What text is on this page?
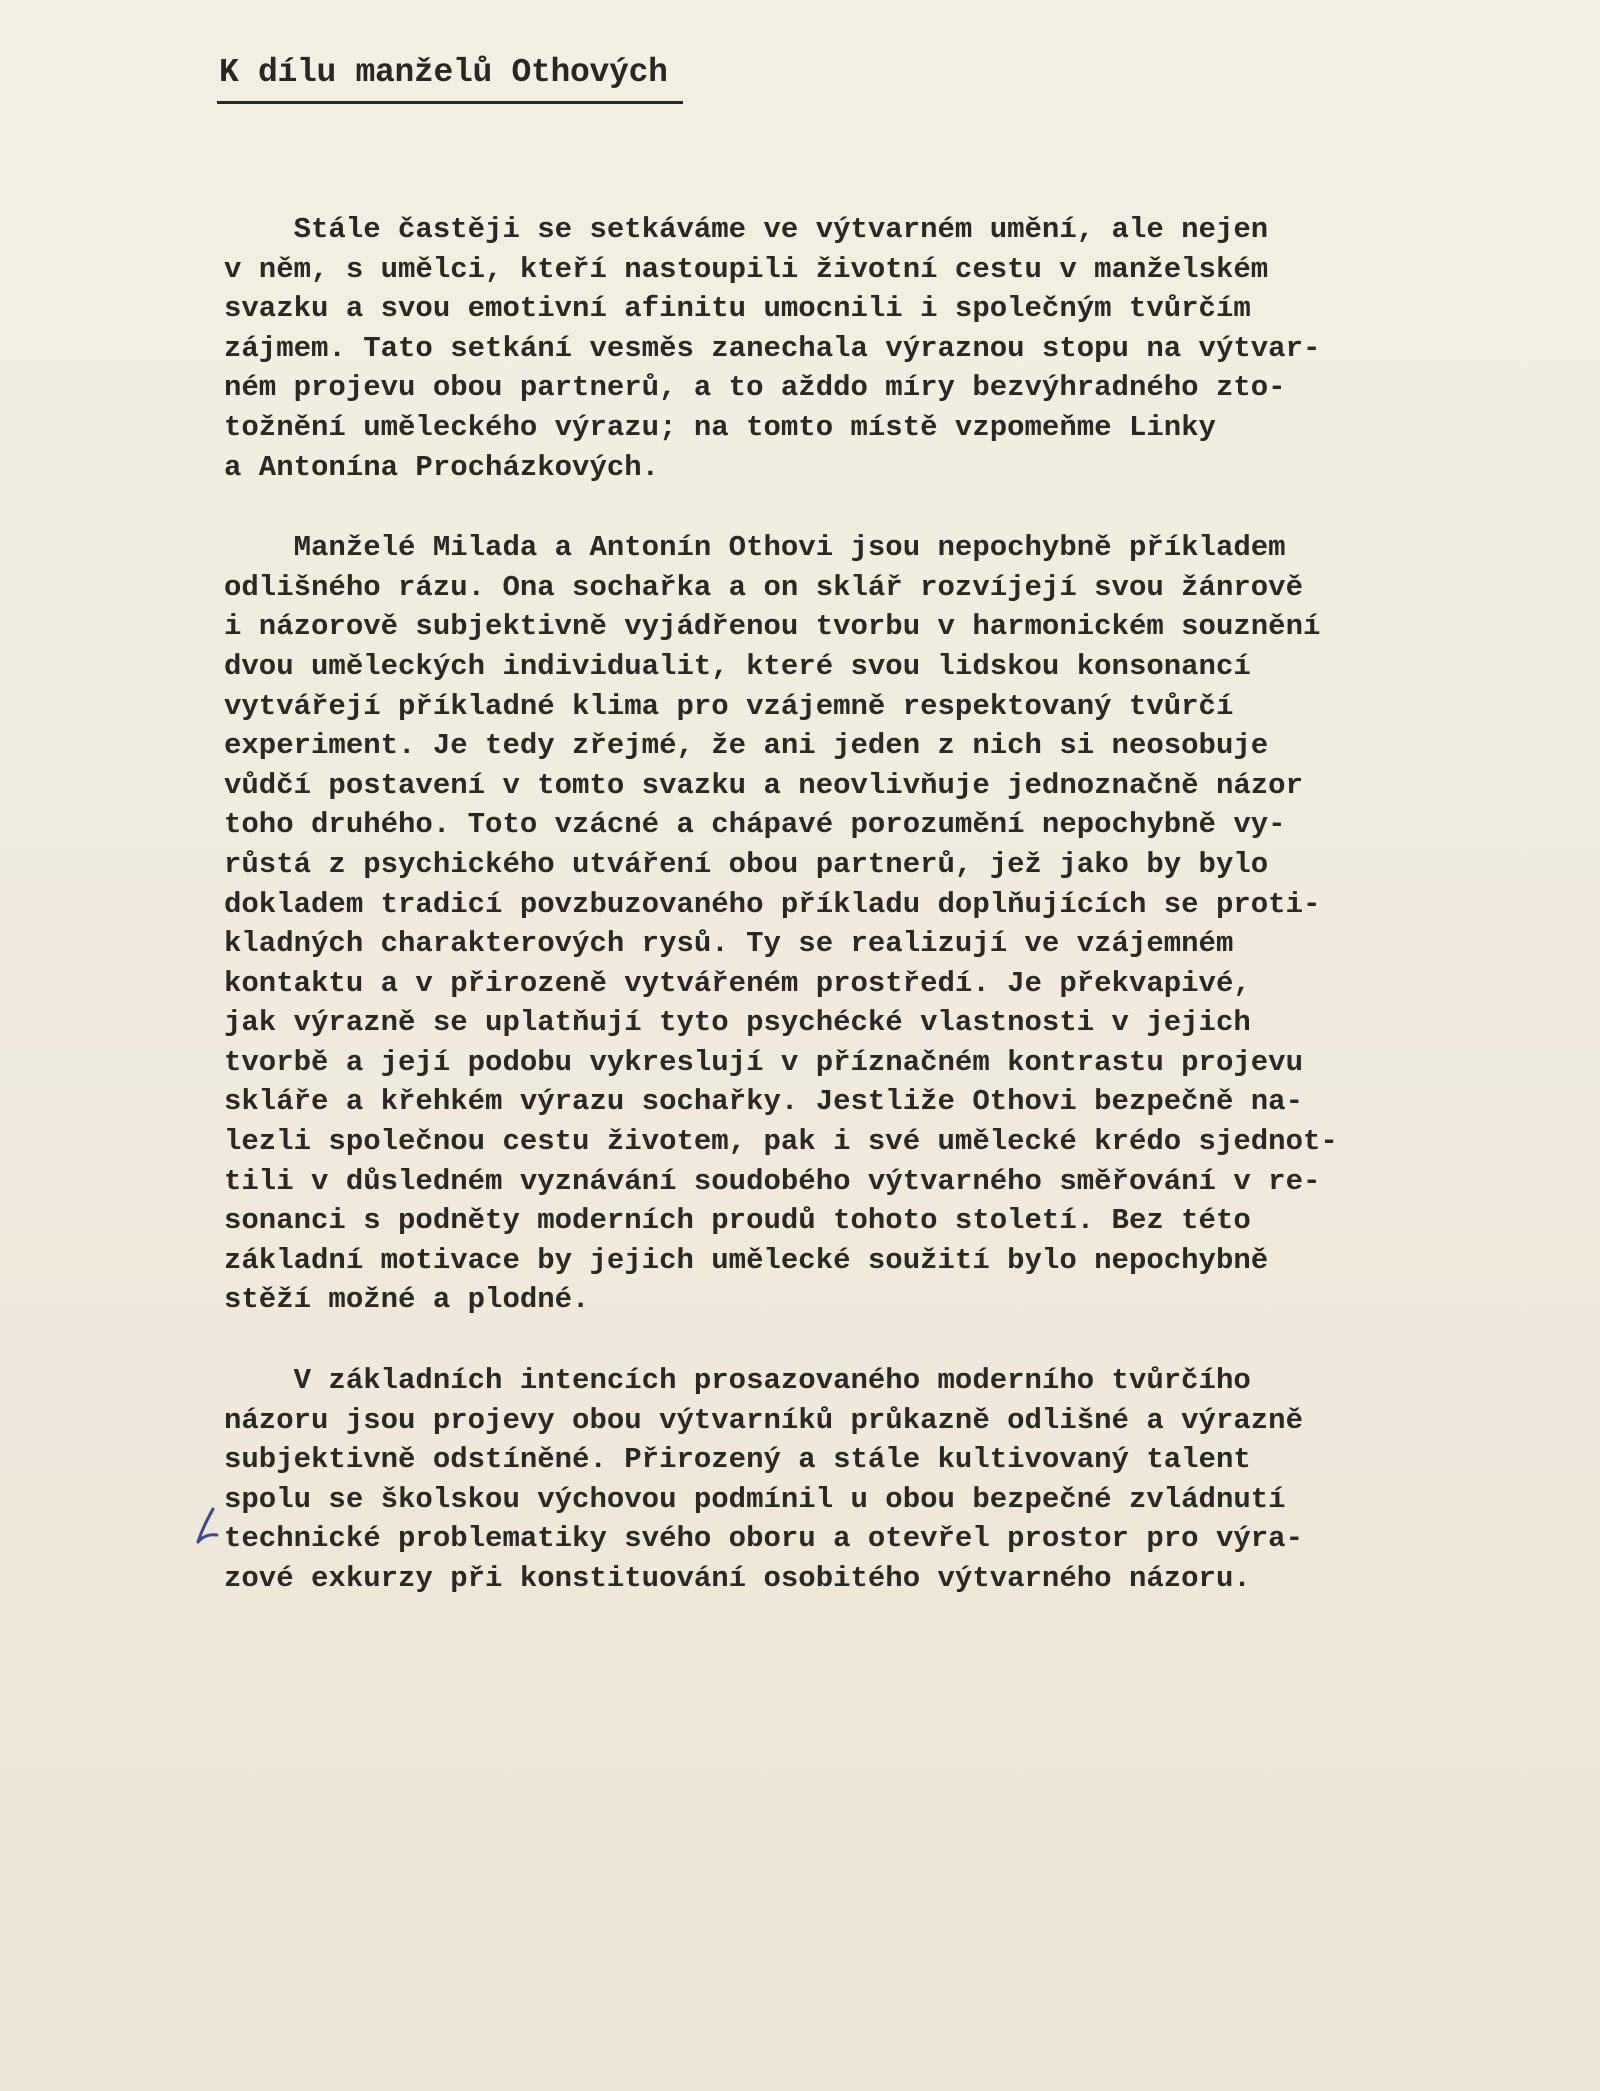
K dílu manželů Othových
Stále častěji se setkáváme ve výtvarném umění, ale nejen
v něm, s umělci, kteří nastoupili životní cestu v manželském
svazku a svou emotivní afinitu umocnili i společným tvůrčím
zájmem. Tato setkání vesměs zanechala výraznou stopu na výtvar-
ném projevu obou partnerů, a to ažddo míry bezvýhradného zto-
tožnění uměleckého výrazu; na tomto místě vzpomeňme Linky
a Antonína Procházkových.
Manželé Milada a Antonín Othovi jsou nepochybně příkladem
odlišného rázu. Ona sochařka a on sklář rozvíjejí svou žánrově
i názorově subjektivně vyjádřenou tvorbu v harmonickém souznění
dvou uměleckých individualit, které svou lidskou konsonancí
vytvářejí příkladné klima pro vzájemně respektovaný tvůrčí
experiment. Je tedy zřejmé, že ani jeden z nich si neosobuje
vůdčí postavení v tomto svazku a neovlivňuje jednoznačně názor
toho druhého. Toto vzácné a chápavé porozumění nepochybně vy-
růstá z psychického utváření obou partnerů, jež jako by bylo
dokladem tradicí povzbuzovaného příkladu doplňujících se proti-
kladných charakterových rysů. Ty se realizují ve vzájemném
kontaktu a v přirozeně vytvářeném prostředí. Je překvapivé,
jak výrazně se uplatňují tyto psychécké vlastnosti v jejich
tvorbě a její podobu vykreslují v příznačném kontrastu projevu
skláře a křehkém výrazu sochařky. Jestliže Othovi bezpečně na-
lezli společnou cestu životem, pak i své umělecké krédo sjednot-
tili v důsledném vyznávání soudobého výtvarného směřování v re-
sonanci s podněty moderních proudů tohoto století. Bez této
základní motivace by jejich umělecké soužití bylo nepochybně
stěží možné a plodné.
V základních intencích prosazovaného moderního tvůrčího
názoru jsou projevy obou výtvarníků průkazně odlišné a výrazně
subjektivně odstíněné. Přirozený a stále kultivovaný talent
spolu se školskou výchovou podmínil u obou bezpečné zvládnutí
technické problematiky svého oboru a otevřel prostor pro výra-
zové exkurzy při konstituování osobitého výtvarného názoru.
